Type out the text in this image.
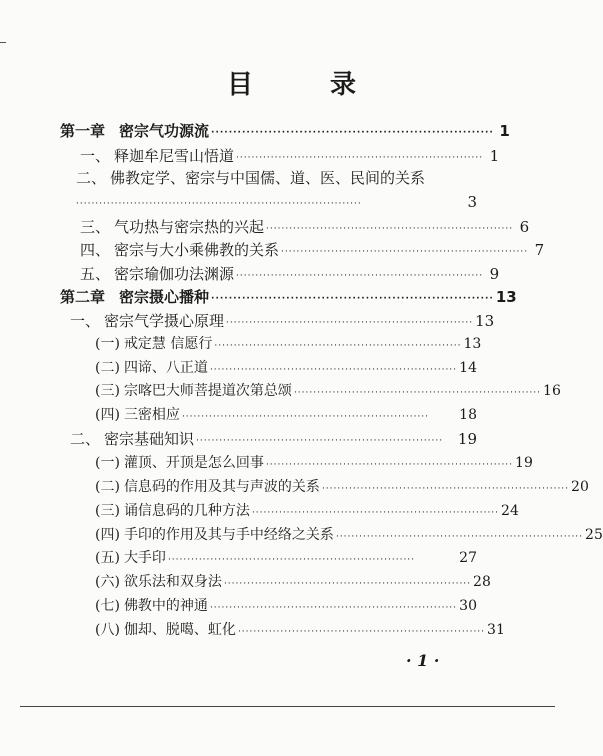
目 录
第一章 密宗气功源流 ································································ 1
一、 释迦牟尼雪山悟道 ································································ 1
二、 佛教定学、密宗与中国儒、道、医、民间的关系
··········································································	3
三、 气功热与密宗热的兴起 ································································ 6
四、 密宗与大小乘佛教的关系 ································································ 7
五、 密宗瑜伽功法渊源 ································································ 9
第二章 密宗摄心播种 ································································ 13
一、 密宗气学摄心原理 ································································ 13
(一) 戒定慧 信愿行 ································································ 13
(二) 四谛、八正道 ································································ 14
(三) 宗喀巴大师菩提道次第总颂 ································································ 16
(四) 三密相应 ································································	18
二、 密宗基础知识 ································································ 19
(一) 灌顶、开顶是怎么回事 ································································ 19
(二) 信息码的作用及其与声波的关系 ································································ 20
(三) 诵信息码的几种方法 ································································ 24
(四) 手印的作用及其与手中经络之关系 ································································ 25
(五) 大手印 ································································	27
(六) 欲乐法和双身法 ································································ 28
(七) 佛教中的神通 ································································ 30
(八) 伽却、脱噶、虹化 ································································ 31
· 1 ·
